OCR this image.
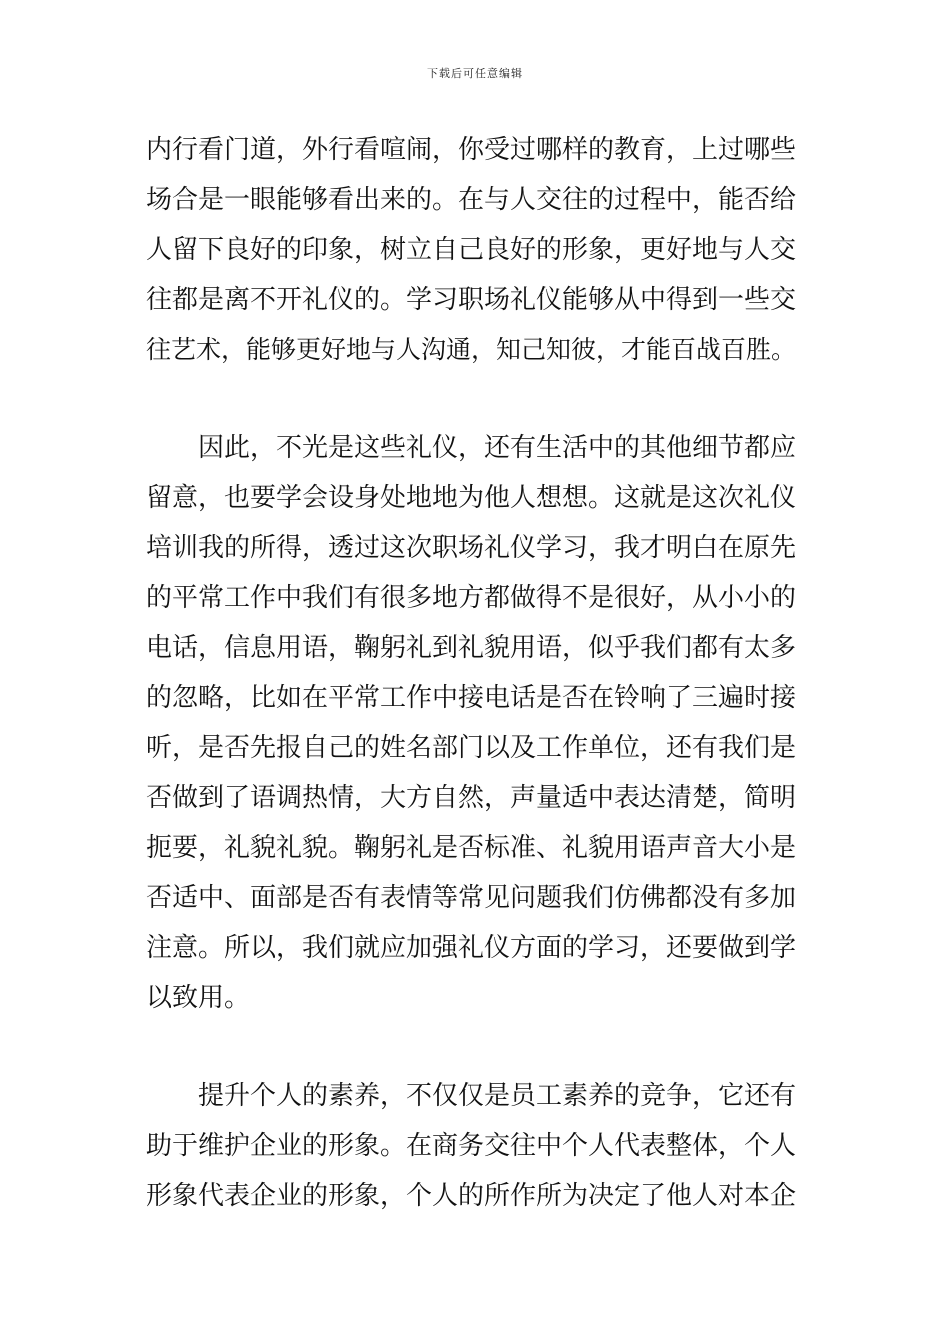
下载后可任意编辑
内行看门道，外行看喧闹，你受过哪样的教育，上过哪些
场合是一眼能够看出来的。在与人交往的过程中，能否给
人留下良好的印象，树立自己良好的形象，更好地与人交
往都是离不开礼仪的。学习职场礼仪能够从中得到一些交
往艺术，能够更好地与人沟通，知己知彼，才能百战百胜。
因此，不光是这些礼仪，还有生活中的其他细节都应
留意，也要学会设身处地地为他人想想。这就是这次礼仪
培训我的所得，透过这次职场礼仪学习，我才明白在原先
的平常工作中我们有很多地方都做得不是很好，从小小的
电话，信息用语，鞠躬礼到礼貌用语，似乎我们都有太多
的忽略，比如在平常工作中接电话是否在铃响了三遍时接
听，是否先报自己的姓名部门以及工作单位，还有我们是
否做到了语调热情，大方自然，声量适中表达清楚，简明
扼要，礼貌礼貌。鞠躬礼是否标准、礼貌用语声音大小是
否适中、面部是否有表情等常见问题我们仿佛都没有多加
注意。所以，我们就应加强礼仪方面的学习，还要做到学
以致用。
提升个人的素养，不仅仅是员工素养的竞争，它还有
助于维护企业的形象。在商务交往中个人代表整体，个人
形象代表企业的形象，个人的所作所为决定了他人对本企
